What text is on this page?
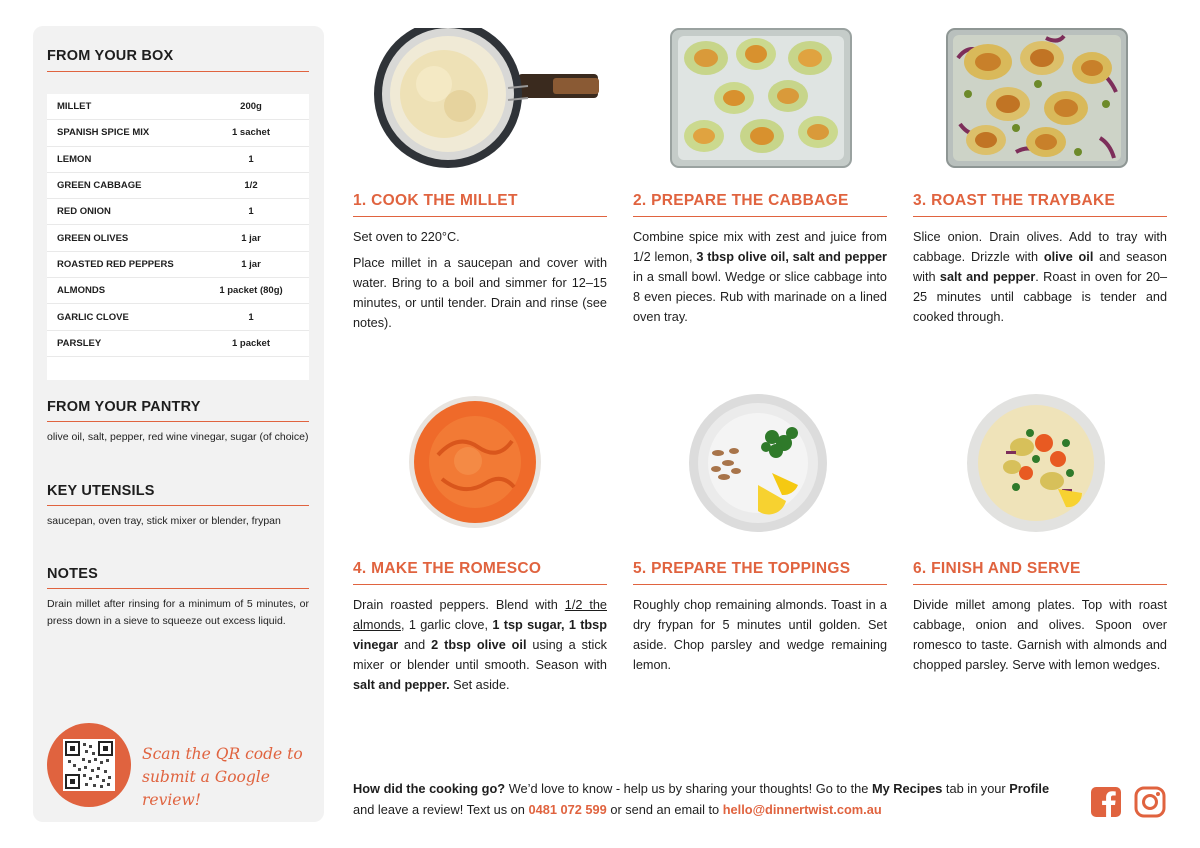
FROM YOUR BOX
MILLET	200g
SPANISH SPICE MIX	1 sachet
LEMON	1
GREEN CABBAGE	1/2
RED ONION	1
GREEN OLIVES	1 jar
ROASTED RED PEPPERS	1 jar
ALMONDS	1 packet (80g)
GARLIC CLOVE	1
PARSLEY	1 packet
FROM YOUR PANTRY
olive oil, salt, pepper, red wine vinegar, sugar (of choice)
KEY UTENSILS
saucepan, oven tray, stick mixer or blender, frypan
NOTES
Drain millet after rinsing for a minimum of 5 minutes, or press down in a sieve to squeeze out excess liquid.
Scan the QR code to submit a Google review!
1. COOK THE MILLET	2. PREPARE THE CABBAGE	3. ROAST THE TRAYBAKE
4. MAKE THE ROMESCO	5. PREPARE THE TOPPINGS	6. FINISH AND SERVE

Set oven to 220°C.

Place millet in a saucepan and cover with water. Bring to a boil and simmer for 12–15 minutes, or until tender. Drain and rinse (see notes).

Combine spice mix with zest and juice from 1/2 lemon, 3 tbsp olive oil, salt and pepper in a small bowl. Wedge or slice cabbage into 8 even pieces. Rub with marinade on a lined oven tray.

Slice onion. Drain olives. Add to tray with cabbage. Drizzle with olive oil and season with salt and pepper. Roast in oven for 20–25 minutes until cabbage is tender and cooked through.

Drain roasted peppers. Blend with 1/2 the almonds, 1 garlic clove, 1 tsp sugar, 1 tbsp vinegar and 2 tbsp olive oil using a stick mixer or blender until smooth. Season with salt and pepper. Set aside.

Roughly chop remaining almonds. Toast in a dry frypan for 5 minutes until golden. Set aside. Chop parsley and wedge remaining lemon.

Divide millet among plates. Top with roast cabbage, onion and olives. Spoon over romesco to taste. Garnish with almonds and chopped parsley. Serve with lemon wedges.

How did the cooking go? We’d love to know - help us by sharing your thoughts! Go to the My Recipes tab in your Profile and leave a review! Text us on 0481 072 599 or send an email to hello@dinnertwist.com.au
